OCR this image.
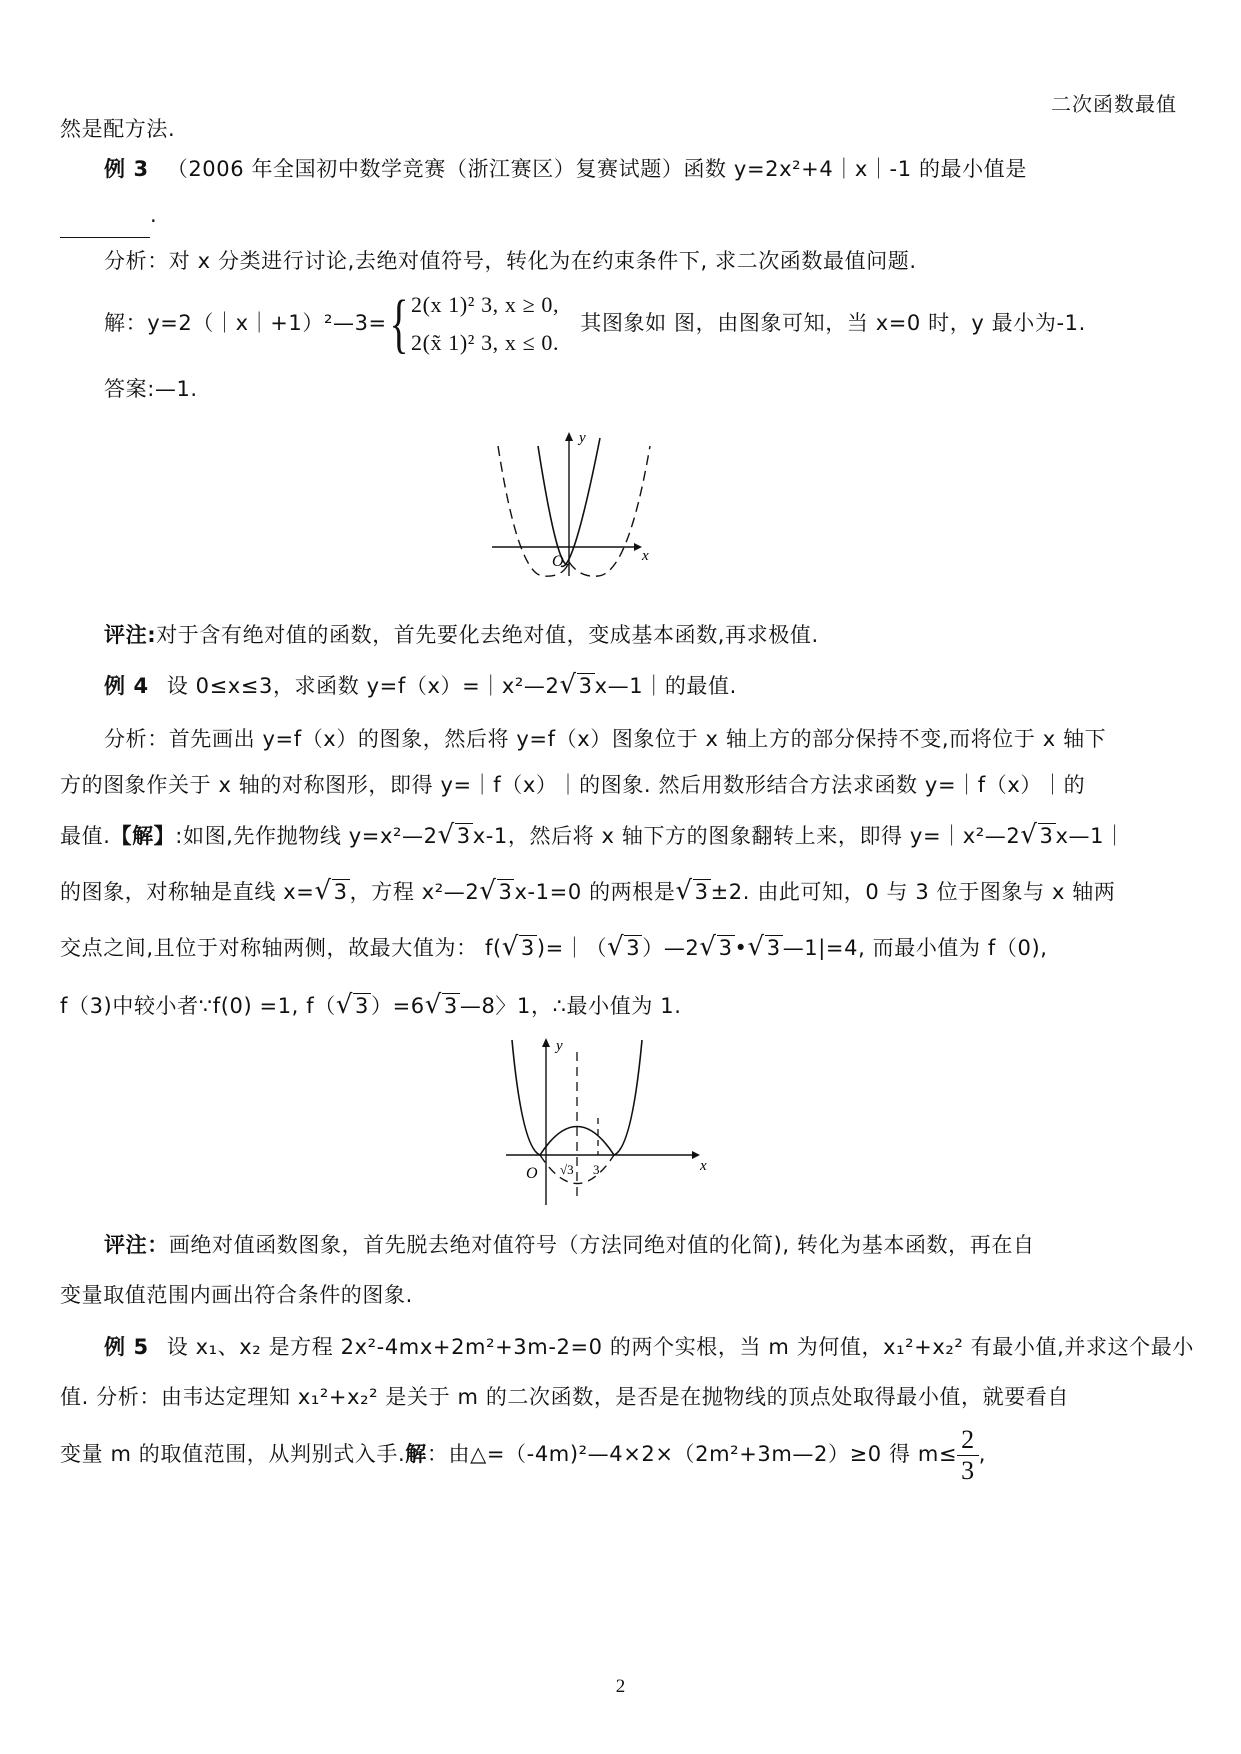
二次函数最值
然是配方法.
例 3 （2006 年全国初中数学竞赛（浙江赛区）复赛试题）函数 y=2x²+4｜x｜-1 的最小值是
.
分析：对 x 分类进行讨论,去绝对值符号，转化为在约束条件下, 求二次函数最值问题.
解：y=2（｜x｜+1）²—3={ 2(x 1)² 3, x ≥ 0,
2(x̃ 1)² 3, x ≤ 0. 其图象如 图，由图象可知，当 x=0 时，y 最小为-1.
答案:—1.
y
x
O
评注:对于含有绝对值的函数，首先要化去绝对值，变成基本函数,再求极值.
例 4 设 0≤x≤3，求函数 y=f（x）=｜x²—2√3x—1｜的最值.
分析：首先画出 y=f（x）的图象，然后将 y=f（x）图象位于 x 轴上方的部分保持不变,而将位于 x 轴下
方的图象作关于 x 轴的对称图形，即得 y=｜f（x）｜的图象. 然后用数形结合方法求函数 y=｜f（x）｜的
最值.【解】:如图,先作抛物线 y=x²—2√3x-1，然后将 x 轴下方的图象翻转上来，即得 y=｜x²—2√3x—1｜
的图象，对称轴是直线 x=√3，方程 x²—2√3x-1=0 的两根是√3±2. 由此可知，0 与 3 位于图象与 x 轴两
交点之间,且位于对称轴两侧，故最大值为： f(√3)=｜（√3）—2√3•√3—1|=4, 而最小值为 f（0),
f（3)中较小者∵f(0) =1, f（√3）=6√3—8〉1，∴最小值为 1.
y
x
O √3 3
评注：画绝对值函数图象，首先脱去绝对值符号（方法同绝对值的化简), 转化为基本函数，再在自
变量取值范围内画出符合条件的图象.
例 5 设 x₁、x₂ 是方程 2x²-4mx+2m²+3m-2=0 的两个实根，当 m 为何值，x₁²+x₂² 有最小值,并求这个最小
值. 分析：由韦达定理知 x₁²+x₂² 是关于 m 的二次函数，是否是在抛物线的顶点处取得最小值，就要看自
变量 m 的取值范围，从判别式入手.解：由△=（-4m)²—4×2×（2m²+3m—2）≥0 得 $m\le \frac{2}{3}$ ,
2
